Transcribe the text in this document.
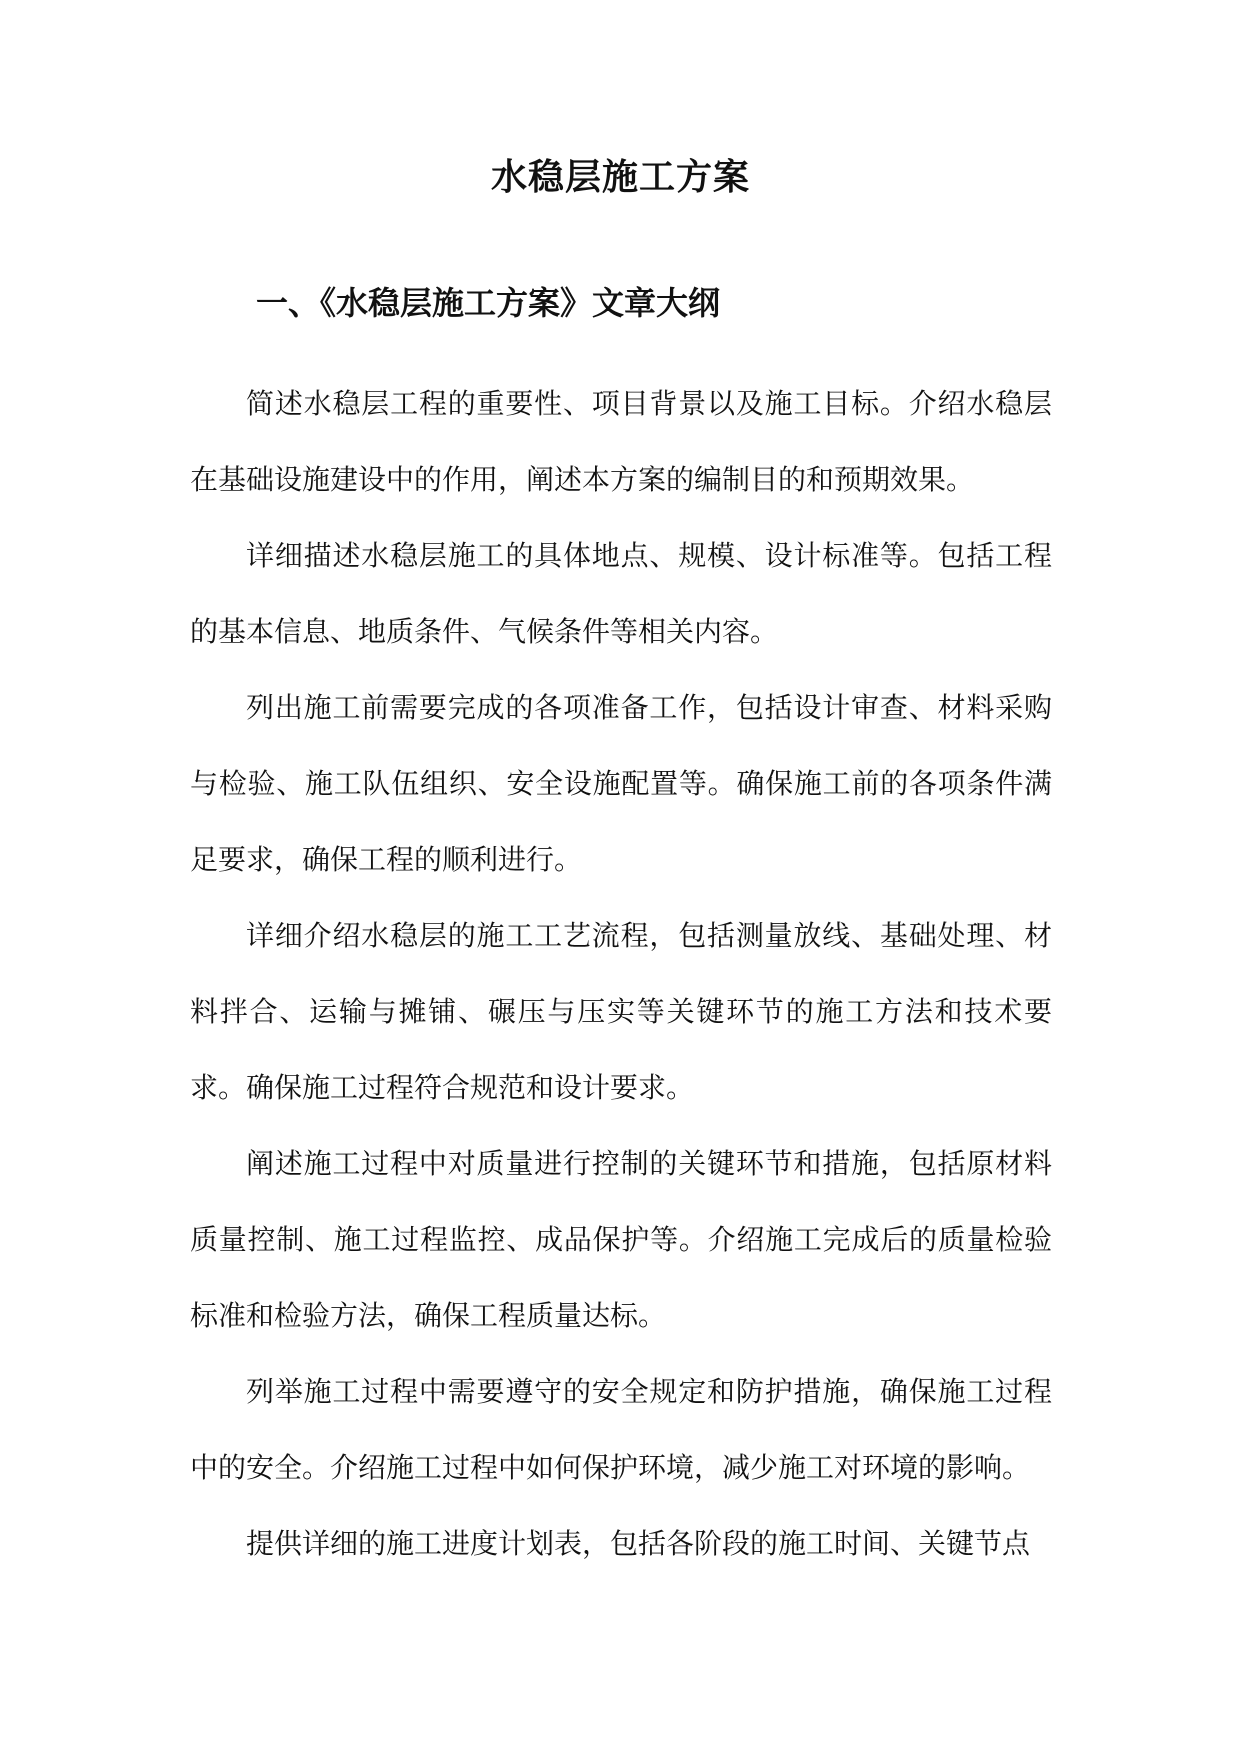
水稳层施工方案
一、《水稳层施工方案》文章大纲

简述水稳层工程的重要性、项目背景以及施工目标。介绍水稳层在基础设施建设中的作用，阐述本方案的编制目的和预期效果。

详细描述水稳层施工的具体地点、规模、设计标准等。包括工程的基本信息、地质条件、气候条件等相关内容。

列出施工前需要完成的各项准备工作，包括设计审查、材料采购与检验、施工队伍组织、安全设施配置等。确保施工前的各项条件满足要求，确保工程的顺利进行。

详细介绍水稳层的施工工艺流程，包括测量放线、基础处理、材料拌合、运输与摊铺、碾压与压实等关键环节的施工方法和技术要求。确保施工过程符合规范和设计要求。

阐述施工过程中对质量进行控制的关键环节和措施，包括原材料质量控制、施工过程监控、成品保护等。介绍施工完成后的质量检验标准和检验方法，确保工程质量达标。

列举施工过程中需要遵守的安全规定和防护措施，确保施工过程中的安全。介绍施工过程中如何保护环境，减少施工对环境的影响。

提供详细的施工进度计划表，包括各阶段的施工时间、关键节点
